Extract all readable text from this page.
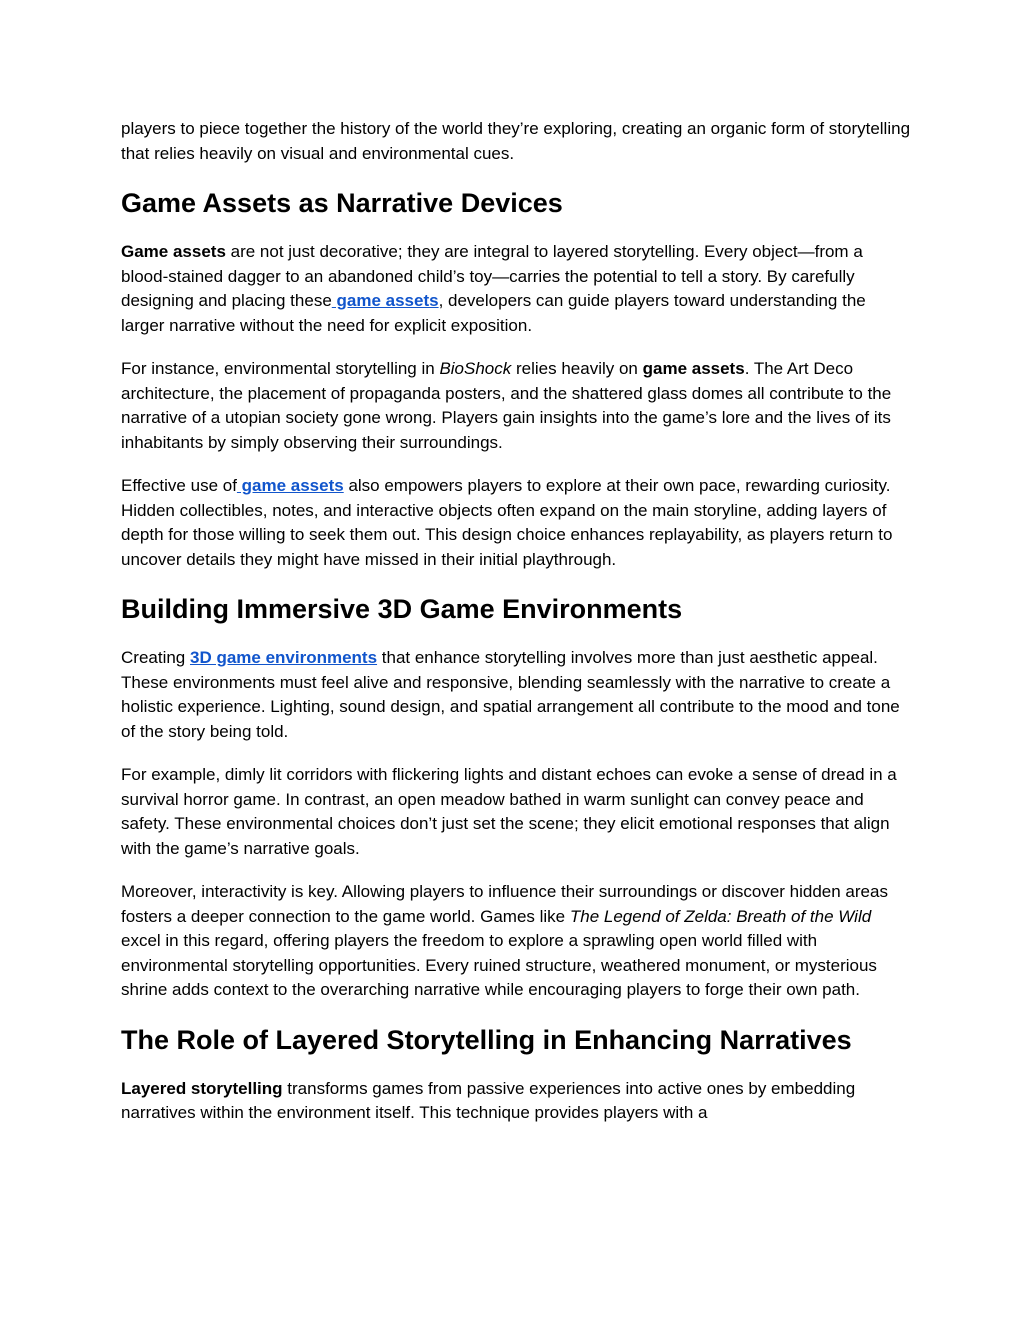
players to piece together the history of the world they’re exploring, creating an organic form of storytelling that relies heavily on visual and environmental cues.

Game Assets as Narrative Devices

Game assets are not just decorative; they are integral to layered storytelling. Every object—from a blood-stained dagger to an abandoned child’s toy—carries the potential to tell a story. By carefully designing and placing these game assets, developers can guide players toward understanding the larger narrative without the need for explicit exposition.

For instance, environmental storytelling in BioShock relies heavily on game assets. The Art Deco architecture, the placement of propaganda posters, and the shattered glass domes all contribute to the narrative of a utopian society gone wrong. Players gain insights into the game’s lore and the lives of its inhabitants by simply observing their surroundings.

Effective use of game assets also empowers players to explore at their own pace, rewarding curiosity. Hidden collectibles, notes, and interactive objects often expand on the main storyline, adding layers of depth for those willing to seek them out. This design choice enhances replayability, as players return to uncover details they might have missed in their initial playthrough.

Building Immersive 3D Game Environments

Creating 3D game environments that enhance storytelling involves more than just aesthetic appeal. These environments must feel alive and responsive, blending seamlessly with the narrative to create a holistic experience. Lighting, sound design, and spatial arrangement all contribute to the mood and tone of the story being told.

For example, dimly lit corridors with flickering lights and distant echoes can evoke a sense of dread in a survival horror game. In contrast, an open meadow bathed in warm sunlight can convey peace and safety. These environmental choices don’t just set the scene; they elicit emotional responses that align with the game’s narrative goals.

Moreover, interactivity is key. Allowing players to influence their surroundings or discover hidden areas fosters a deeper connection to the game world. Games like The Legend of Zelda: Breath of the Wild excel in this regard, offering players the freedom to explore a sprawling open world filled with environmental storytelling opportunities. Every ruined structure, weathered monument, or mysterious shrine adds context to the overarching narrative while encouraging players to forge their own path.

The Role of Layered Storytelling in Enhancing Narratives

Layered storytelling transforms games from passive experiences into active ones by embedding narratives within the environment itself. This technique provides players with a
